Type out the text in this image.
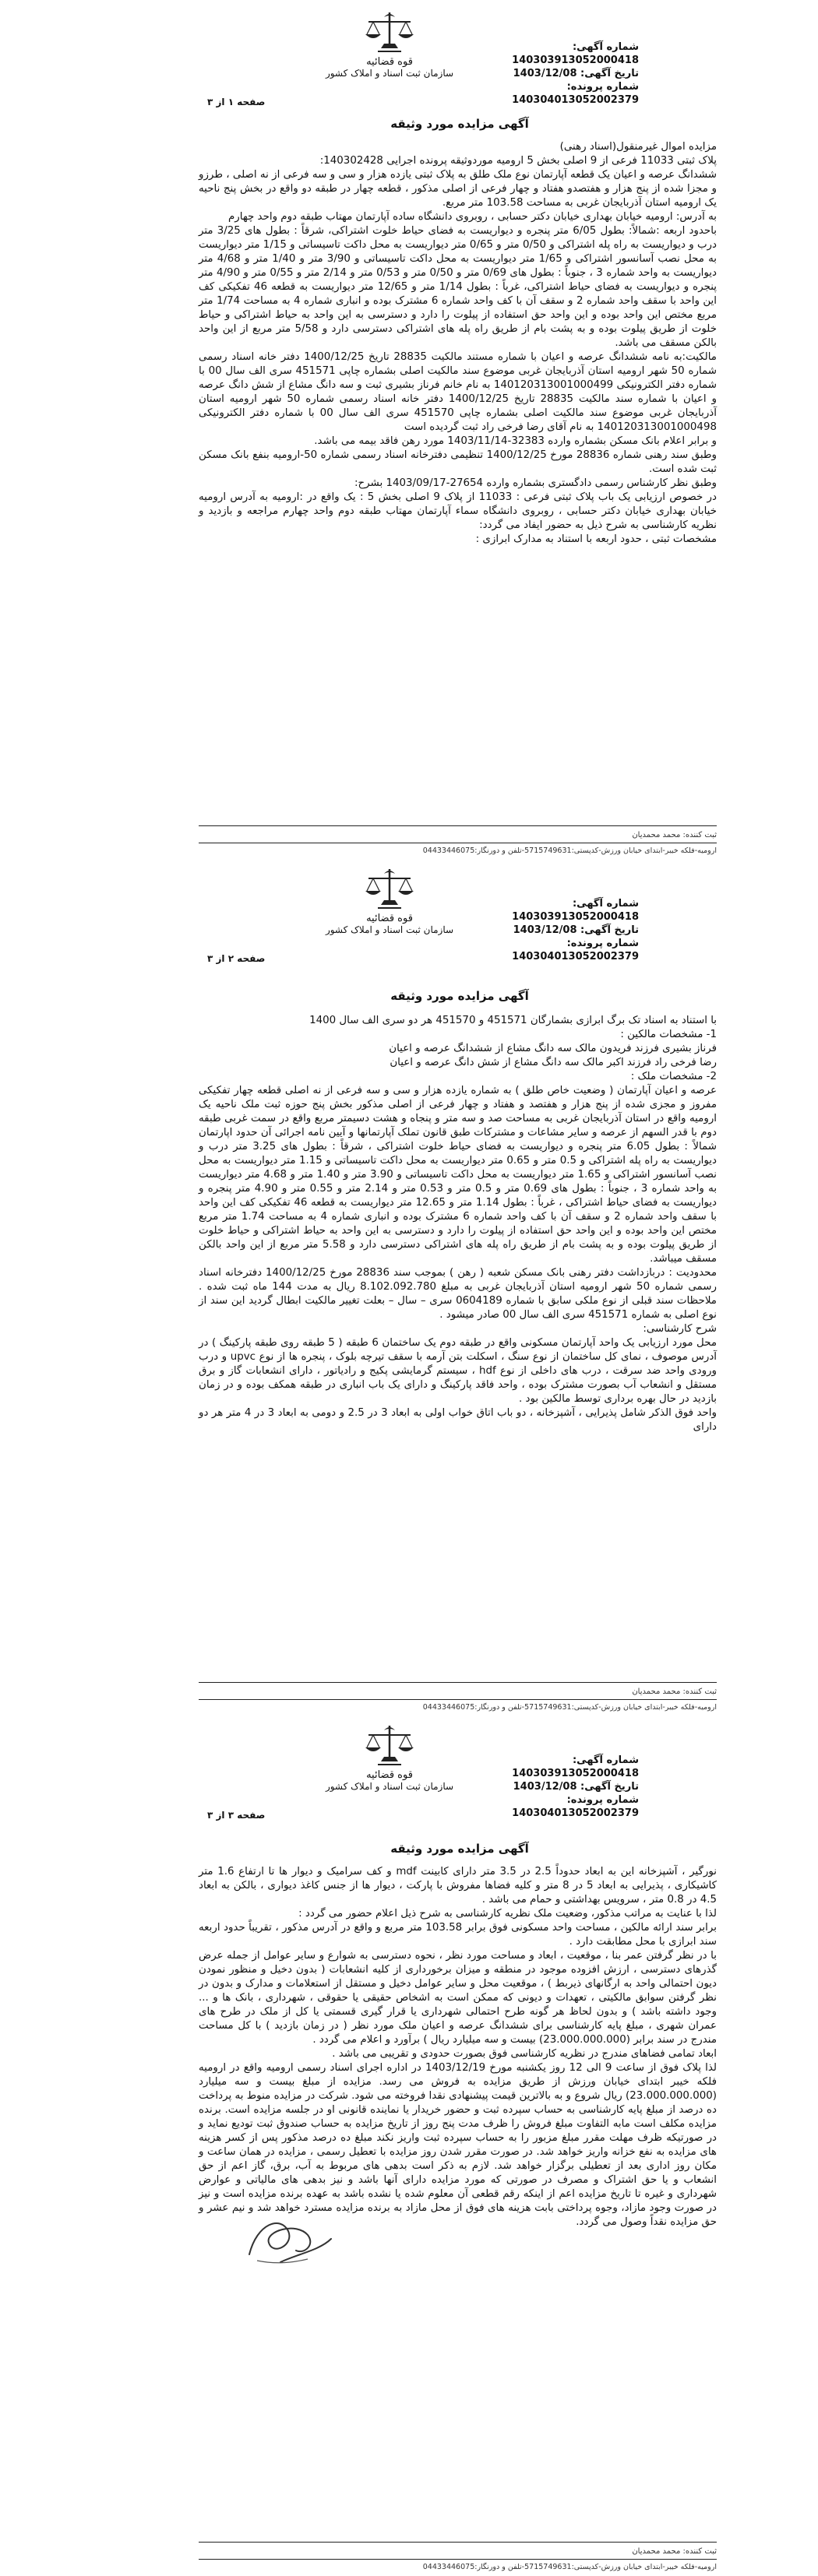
قوه قضائیه
سازمان ثبت اسناد و املاک کشور
شماره آگهی: 140303913052000418
تاریخ آگهی: 1403/12/08
شماره پرونده: 140304013052002379
صفحه ۱ از ۳
آگهی مزایده مورد وثیقه

مزایده اموال غیرمنقول(اسناد رهنی)

پلاک ثبتی 11033 فرعی از 9 اصلی بخش 5 ارومیه موردوثیقه پرونده اجرایی 140302428:

ششدانگ عرصه و اعیان یک قطعه آپارتمان نوع ملک طلق به پلاک ثبتی یازده هزار و سی و سه فرعی از نه اصلی ، طرزو و مجزا شده از پنج هزار و هفتصدو هفتاد و چهار فرعی از اصلی مذکور ، قطعه چهار در طبقه دو واقع در بخش پنج ناحیه یک ارومیه استان آذربایجان غربی به مساحت 103.58 متر مربع.

به آدرس: ارومیه خیابان بهداری خیابان دکتر حسابی ، روبروی دانشگاه ساده آپارتمان مهتاب طبقه دوم واحد چهارم

باحدود اربعه :شمالاً: بطول 6/05 متر پنجره و دیواریست به فضای حیاط خلوت اشتراکی، شرقاً : بطول های 3/25 متر درب و دیواریست به راه پله اشتراکی و 0/50 متر و 0/65 متر دیواریست به محل داکت تاسیساتی و 1/15 متر دیواریست به محل نصب آسانسور اشتراکی و 1/65 متر دیواریست به محل داکت تاسیساتی و 3/90 متر و 1/40 متر و 4/68 متر دیواریست به واحد شماره 3 ، جنوباً : بطول های 0/69 متر و 0/50 متر و 0/53 متر و 2/14 متر و 0/55 متر و 4/90 متر پنجره و دیواریست به فضای حیاط اشتراکی، غرباً : بطول 1/14 متر و 12/65 متر دیواریست به قطعه 46 تفکیکی کف این واحد با سقف واحد شماره 2 و سقف آن با کف واحد شماره 6 مشترک بوده و انباری شماره 4 به مساحت 1/74 متر مربع مختص این واحد بوده و این واحد حق استفاده از پیلوت را دارد و دسترسی به این واحد به حیاط اشتراکی و حیاط خلوت از طریق پیلوت بوده و به پشت بام از طریق راه پله های اشتراکی دسترسی دارد و 5/58 متر مربع از این واحد بالکن مسقف می باشد.

مالکیت:به نامه ششدانگ عرصه و اعیان با شماره مستند مالکیت 28835 تاریخ 1400/12/25 دفتر خانه اسناد رسمی شماره 50 شهر ارومیه استان آذربایجان غربی موضوع سند مالکیت اصلی بشماره چاپی 451571 سری الف سال 00 با شماره دفتر الکترونیکی 140120313001000499 به نام خانم فرناز بشیری ثبت و سه دانگ مشاع از شش دانگ عرصه و اعیان با شماره سند مالکیت 28835 تاریخ 1400/12/25 دفتر خانه اسناد رسمی شماره 50 شهر ارومیه استان آذربایجان غربی موضوع سند مالکیت اصلی بشماره چاپی 451570 سری الف سال 00 با شماره دفتر الکترونیکی 140120313001000498 به نام آقای رضا فرخی راد ثبت گردیده است

و برابر اعلام بانک مسکن بشماره وارده 32383-1403/11/14 مورد رهن فاقد بیمه می باشد.

وطبق سند رهنی شماره 28836 مورخ 1400/12/25 تنظیمی دفترخانه اسناد رسمی شماره 50-ارومیه بنفع بانک مسکن ثبت شده است.

وطبق نظر کارشناس رسمی دادگستری بشماره وارده 27654-1403/09/17 بشرح:

در خصوص ارزیابی یک باب پلاک ثبتی فرعی : 11033 از پلاک 9 اصلی بخش 5 : یک واقع در :ارومیه به آدرس ارومیه خیابان بهداری خیابان دکتر حسابی ، روبروی دانشگاه سماء آپارتمان مهتاب طبقه دوم واحد چهارم مراجعه و بازدید و نظریه کارشناسی به شرح ذیل به حضور ایفاد می گردد:

مشخصات ثبتی ، حدود اربعه با استناد به مدارک ابرازی :

ثبت کننده: محمد محمدیان
ارومیه-فلکه خیبر-ابتدای خیابان ورزش-کدپستی:5715749631-تلفن و دورنگار:04433446075
قوه قضائیه
سازمان ثبت اسناد و املاک کشور
شماره آگهی: 140303913052000418
تاریخ آگهی: 1403/12/08
شماره پرونده: 140304013052002379
صفحه ۲ از ۳
آگهی مزایده مورد وثیقه

با استناد به اسناد تک برگ ابرازی بشمارگان 451571 و 451570 هر دو سری الف سال 1400

1- مشخصات مالکین :

فرناز بشیری فرزند فریدون مالک سه دانگ مشاع از ششدانگ عرصه و اعیان

رضا فرخی راد فرزند اکبر مالک سه دانگ مشاع از شش دانگ عرصه و اعیان

2- مشخصات ملک :

عرصه و اعیان آپارتمان ( وضعیت خاص طلق ) به شماره یازده هزار و سی و سه فرعی از نه اصلی قطعه چهار تفکیکی مفروز و مجزی شده از پنج هزار و هفتصد و هفتاد و چهار فرعی از اصلی مذکور بخش پنج حوزه ثبت ملک ناحیه یک ارومیه واقع در استان آذربایجان غربی به مساحت صد و سه متر و پنجاه و هشت دسیمتر مربع واقع در سمت غربی طبقه دوم با قدر السهم از عرصه و سایر مشاعات و مشترکات طبق قانون تملک آپارتمانها و آیین نامه اجرائی آن حدود اپارتمان شمالاً : بطول 6.05 متر پنجره و دیواریست به فضای حیاط خلوت اشتراکی ، شرقاً : بطول های 3.25 متر درب و دیواریست به راه پله اشتراکی و 0.5 متر و 0.65 متر دیواریست به محل داکت تاسیساتی و 1.15 متر دیواریست به محل نصب آسانسور اشتراکی و 1.65 متر دیواریست به محل داکت تاسیساتی و 3.90 متر و 1.40 متر و 4.68 متر دیواریست به واحد شماره 3 ، جنوباً : بطول های 0.69 متر و 0.5 متر و 0.53 متر و 2.14 متر و 0.55 متر و 4.90 متر پنجره و دیواریست به فضای حیاط اشتراکی ، غرباً : بطول 1.14 متر و 12.65 متر دیواریست به قطعه 46 تفکیکی کف این واحد با سقف واحد شماره 2 و سقف آن با کف واحد شماره 6 مشترک بوده و انباری شماره 4 به مساحت 1.74 متر مربع مختص این واحد بوده و این واحد حق استفاده از پیلوت را دارد و دسترسی به این واحد به حیاط اشتراکی و حیاط خلوت از طریق پیلوت بوده و به پشت بام از طریق راه پله های اشتراکی دسترسی دارد و 5.58 متر مربع از این واحد بالکن مسقف میباشد.

محدودیت : دربازداشت دفتر رهنی بانک مسکن شعبه ( رهن ) بموجب سند 28836 مورخ 1400/12/25 دفترخانه اسناد رسمی شماره 50 شهر ارومیه استان آذربایجان غربی به مبلغ 8.102.092.780 ریال به مدت 144 ماه ثبت شده . ملاحظات سند قبلی از نوع ملکی سابق با شماره 0604189 سری – سال – بعلت تغییر مالکیت ابطال گردید این سند از نوع اصلی به شماره 451571 سری الف سال 00 صادر میشود .

شرح کارشناسی:

محل مورد ارزیابی یک واحد آپارتمان مسکونی واقع در طبقه دوم یک ساختمان 6 طبقه ( 5 طبقه روی طبقه پارکینگ ) در آدرس موصوف ، نمای کل ساختمان از نوع سنگ ، اسکلت بتن آرمه با سقف تیرچه بلوک ، پنجره ها از نوع upvc و درب ورودی واحد ضد سرقت ، درب های داخلی از نوع hdf ، سیستم گرمایشی پکیج و رادیاتور ، دارای انشعابات گاز و برق مستقل و انشعاب آب بصورت مشترک بوده ، واحد فاقد پارکینگ و دارای یک باب انباری در طبقه همکف بوده و در زمان بازدید در حال بهره برداری توسط مالکین بود .

واحد فوق الذکر شامل پذیرایی ، آشپزخانه ، دو باب اتاق خواب اولی به ابعاد 3 در 2.5 و دومی به ابعاد 3 در 4 متر هر دو دارای

ثبت کننده: محمد محمدیان
ارومیه-فلکه خیبر-ابتدای خیابان ورزش-کدپستی:5715749631-تلفن و دورنگار:04433446075
قوه قضائیه
سازمان ثبت اسناد و املاک کشور
شماره آگهی: 140303913052000418
تاریخ آگهی: 1403/12/08
شماره پرونده: 140304013052002379
صفحه ۳ از ۳
آگهی مزایده مورد وثیقه

نورگیر ، آشپزخانه این به ابعاد حدوداً 2.5 در 3.5 متر دارای کابینت mdf و کف سرامیک و دیوار ها تا ارتفاع 1.6 متر کاشیکاری ، پذیرایی به ابعاد 5 در 8 متر و کلیه فضاها مفروش با پارکت ، دیوار ها از جنس کاغذ دیواری ، بالکن به ابعاد 4.5 در 0.8 متر ، سرویس بهداشتی و حمام می باشد .

لذا با عنایت به مراتب مذکور، وضعیت ملک نظریه کارشناسی به شرح ذیل اعلام حضور می گردد :

برابر سند ارائه مالکین ، مساحت واحد مسکونی فوق برابر 103.58 متر مربع و واقع در آدرس مذکور ، تقریباً حدود اربعه سند ابرازی با محل مطابقت دارد .

با در نظر گرفتن عمر بنا ، موقعیت ، ابعاد و مساحت مورد نظر ، نحوه دسترسی به شوارع و سایر عوامل از جمله عرض گذرهای دسترسی ، ارزش افزوده موجود در منطقه و میزان برخورداری از کلیه انشعابات ( بدون دخیل و منظور نمودن دیون احتمالی واحد به ارگانهای ذیربط ) ، موقعیت محل و سایر عوامل دخیل و مستقل از استعلامات و مدارک و بدون در نظر گرفتن سوابق مالکیتی ، تعهدات و دیونی که ممکن است به اشخاص حقیقی یا حقوقی ، شهرداری ، بانک ها و ... وجود داشته باشد ) و بدون لحاظ هر گونه طرح احتمالی شهرداری یا قرار گیری قسمتی یا کل از ملک در طرح های عمران شهری ، مبلغ پایه کارشناسی برای ششدانگ عرصه و اعیان ملک مورد نظر ( در زمان بازدید ) با کل مساحت مندرج در سند برابر (23.000.000.000) بیست و سه میلیارد ریال ) برآورد و اعلام می گردد .

ابعاد تمامی فضاهای مندرج در نظریه کارشناسی فوق بصورت حدودی و تقریبی می باشد .

لذا پلاک فوق از ساعت 9 الی 12 روز یکشنبه مورخ 1403/12/19 در اداره اجرای اسناد رسمی ارومیه واقع در ارومیه فلکه خیبر ابتدای خیابان ورزش از طریق مزایده به فروش می رسد. مزایده از مبلغ بیست و سه میلیارد (23.000.000.000) ریال شروع و به بالاترین قیمت پیشنهادی نقدا فروخته می شود. شرکت در مزایده منوط به پرداخت ده درصد از مبلغ پایه کارشناسی به حساب سپرده ثبت و حضور خریدار یا نماینده قانونی او در جلسه مزایده است. برنده مزایده مکلف است مابه التفاوت مبلغ فروش را ظرف مدت پنج روز از تاریخ مزایده به حساب صندوق ثبت تودیع نماید و در صورتیکه ظرف مهلت مقرر مبلغ مزبور را به حساب سپرده ثبت واریز نکند مبلغ ده درصد مذکور پس از کسر هزینه های مزایده به نفع خزانه واریز خواهد شد. در صورت مقرر شدن روز مزایده با تعطیل رسمی ، مزایده در همان ساعت و مکان روز اداری بعد از تعطیلی برگزار خواهد شد. لازم به ذکر است بدهی های مربوط به آب، برق، گاز اعم از حق انشعاب و یا حق اشتراک و مصرف در صورتی که مورد مزایده دارای آنها باشد و نیز بدهی های مالیاتی و عوارض شهرداری و غیره تا تاریخ مزایده اعم از اینکه رقم قطعی آن معلوم شده یا نشده باشد به عهده برنده مزایده است و نیز در صورت وجود مازاد، وجوه پرداختی بابت هزینه های فوق از محل مازاد به برنده مزایده مسترد خواهد شد و نیم عشر و حق مزایده نقداً وصول می گردد.

ثبت کننده: محمد محمدیان
ارومیه-فلکه خیبر-ابتدای خیابان ورزش-کدپستی:5715749631-تلفن و دورنگار:04433446075
